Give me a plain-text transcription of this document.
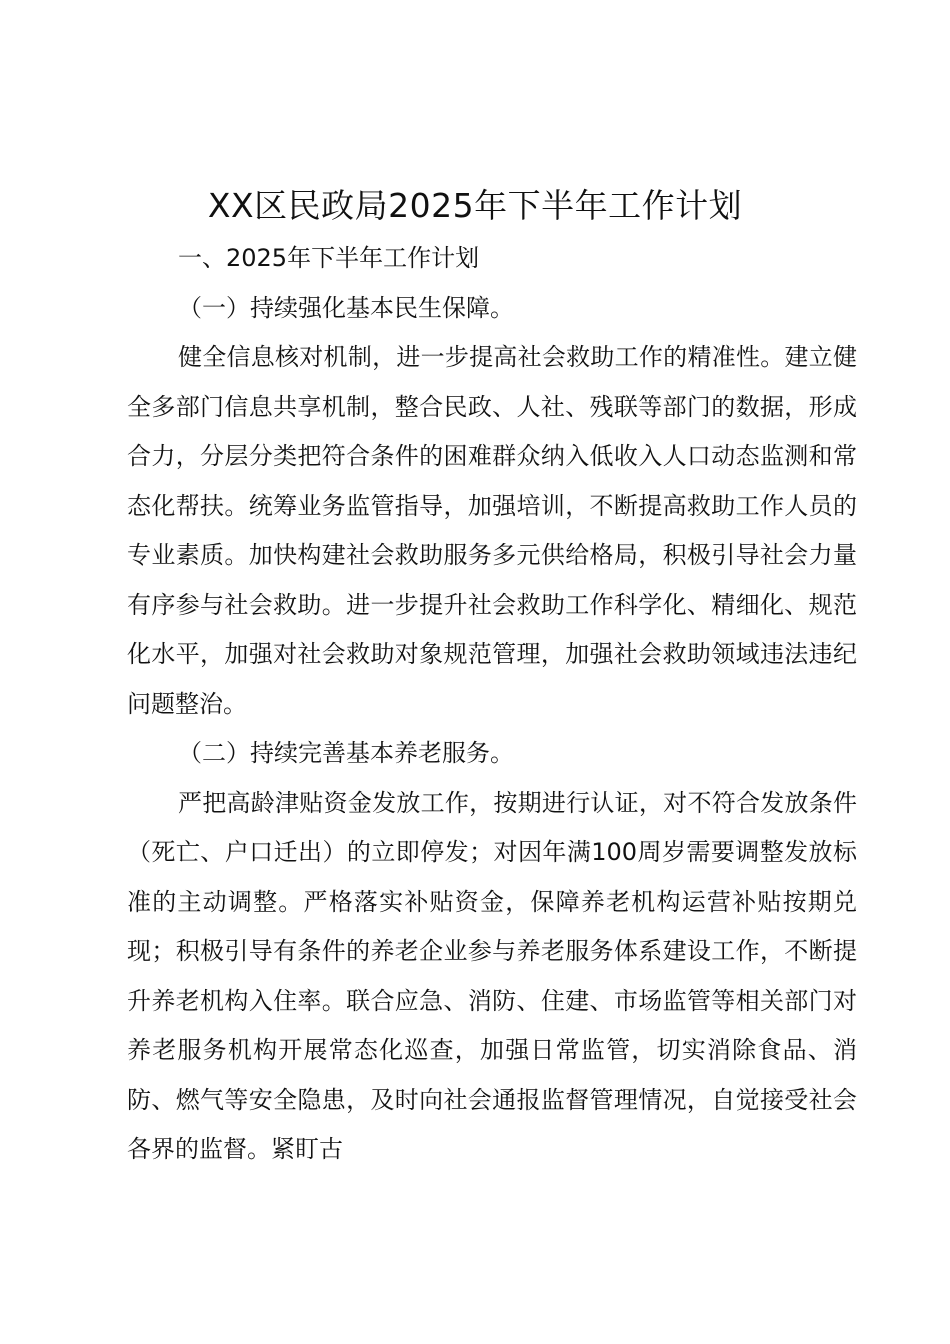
XX区民政局2025年下半年工作计划

一、2025年下半年工作计划

（一）持续强化基本民生保障。

健全信息核对机制，进一步提高社会救助工作的精准性。建立健全多部门信息共享机制，整合民政、人社、残联等部门的数据，形成合力，分层分类把符合条件的困难群众纳入低收入人口动态监测和常态化帮扶。统筹业务监管指导，加强培训，不断提高救助工作人员的专业素质。加快构建社会救助服务多元供给格局，积极引导社会力量有序参与社会救助。进一步提升社会救助工作科学化、精细化、规范化水平，加强对社会救助对象规范管理，加强社会救助领域违法违纪问题整治。

（二）持续完善基本养老服务。

严把高龄津贴资金发放工作，按期进行认证，对不符合发放条件（死亡、户口迁出）的立即停发；对因年满100周岁需要调整发放标准的主动调整。严格落实补贴资金，保障养老机构运营补贴按期兑现；积极引导有条件的养老企业参与养老服务体系建设工作，不断提升养老机构入住率。联合应急、消防、住建、市场监管等相关部门对养老服务机构开展常态化巡查，加强日常监管，切实消除食品、消防、燃气等安全隐患，及时向社会通报监督管理情况，自觉接受社会各界的监督。紧盯古
